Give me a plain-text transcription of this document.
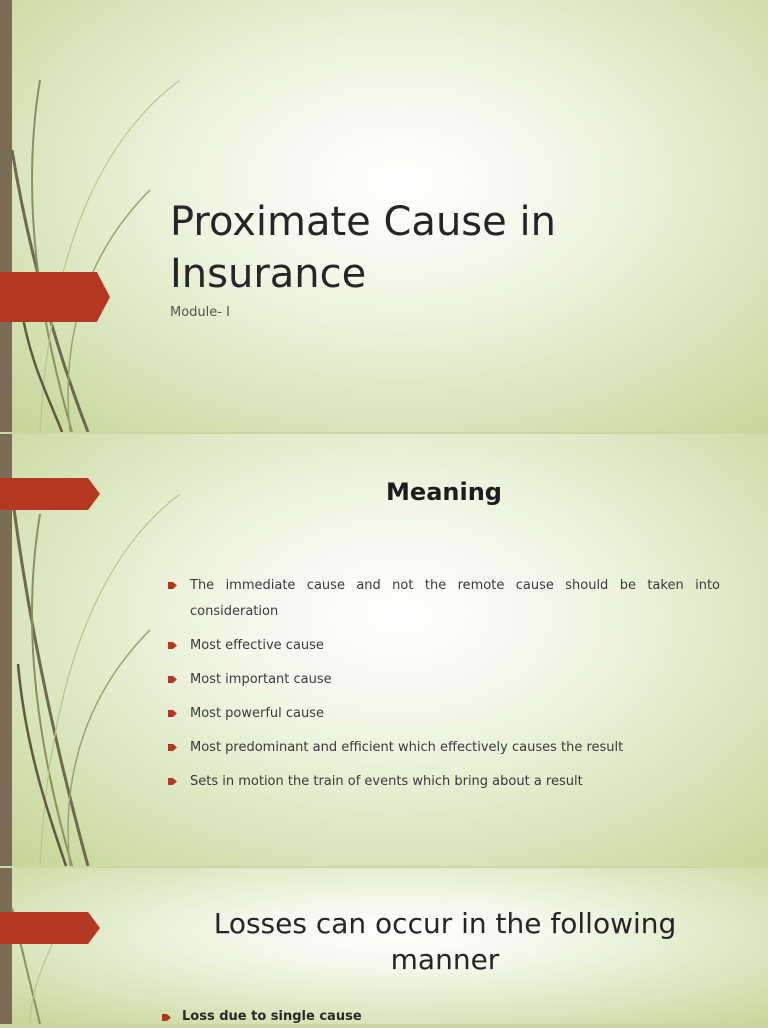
Proximate Cause in Insurance
Module- I
Meaning
The immediate cause and not the remote cause should be taken into consideration
Most effective cause
Most important cause
Most powerful cause
Most predominant and efficient which effectively causes the result
Sets in motion the train of events which bring about a result
Losses can occur in the following manner
Loss due to single cause
